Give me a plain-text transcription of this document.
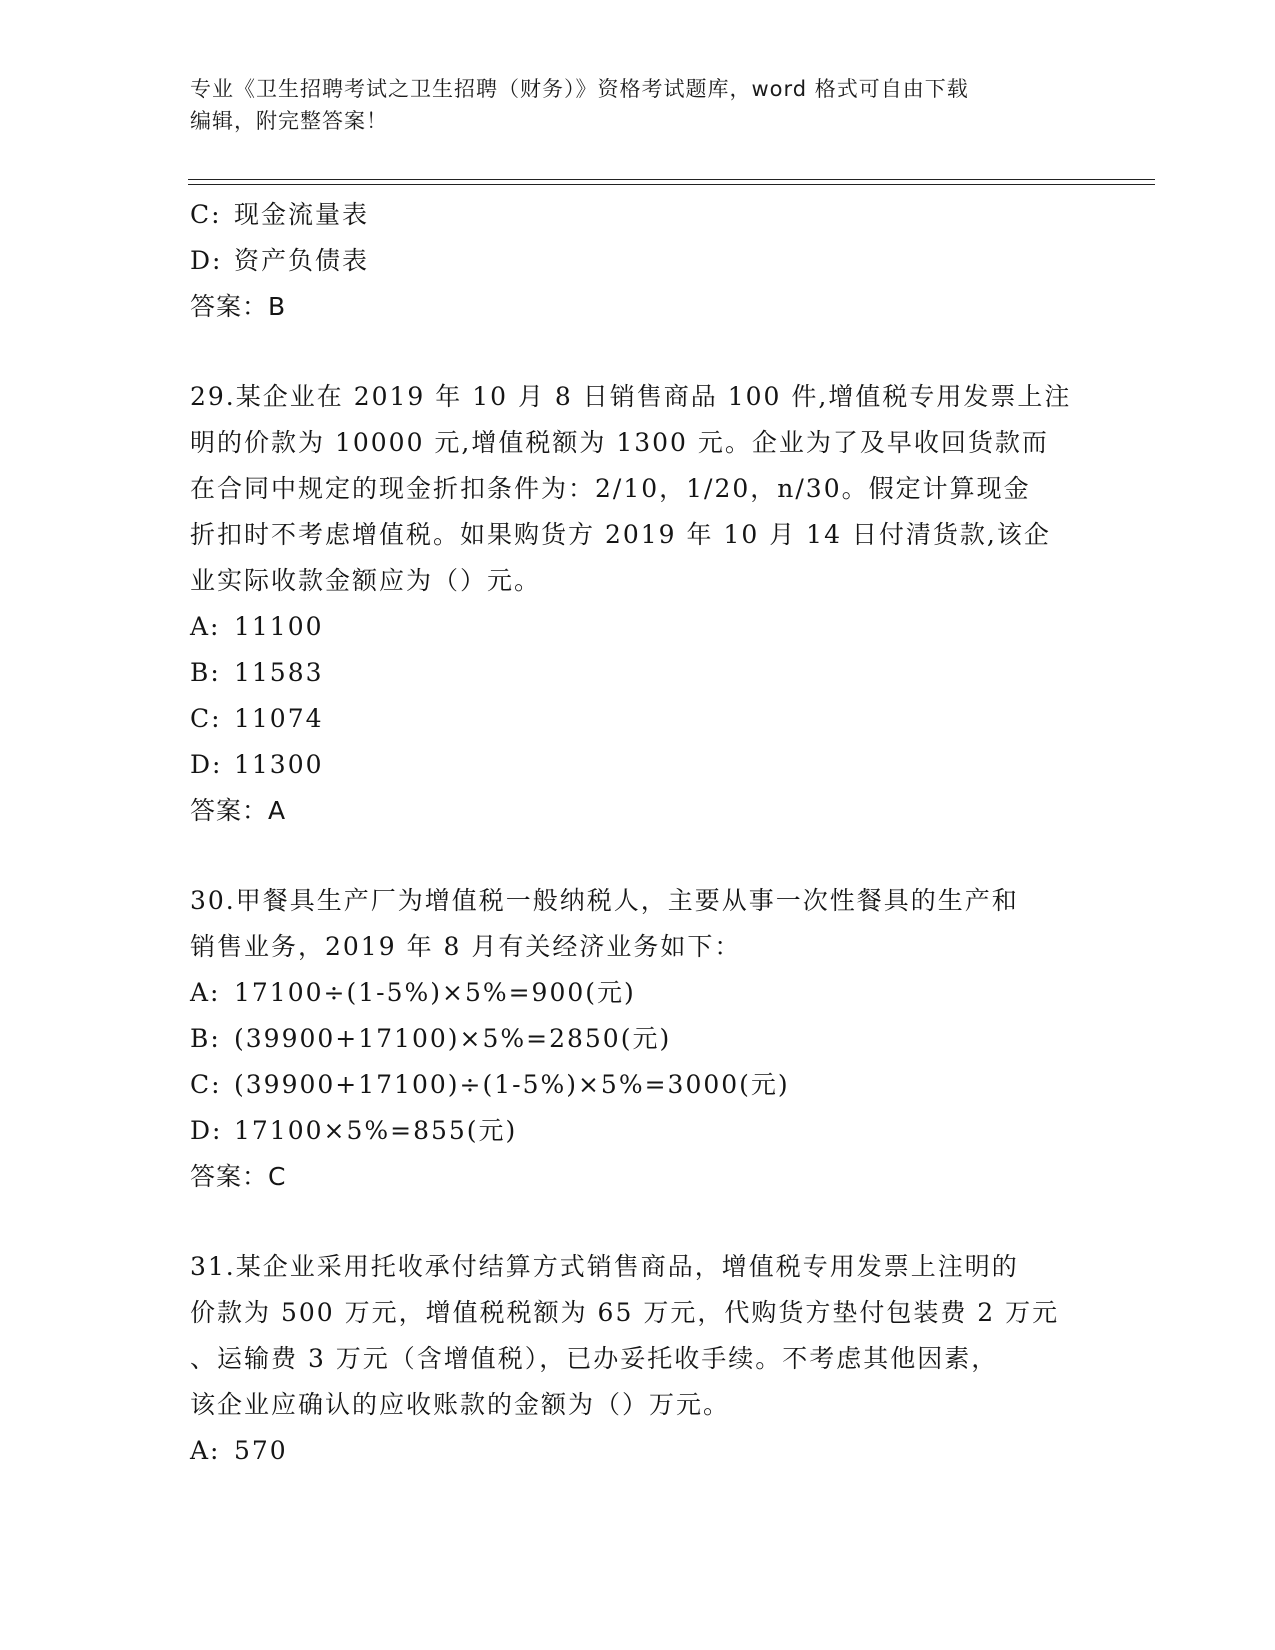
专业《卫生招聘考试之卫生招聘（财务）》资格考试题库，word 格式可自由下载
编辑，附完整答案！
C: 现金流量表
D: 资产负债表
答案：B
29.某企业在 2019 年 10 月 8 日销售商品 100 件,增值税专用发票上注
明的价款为 10000 元,增值税额为 1300 元。企业为了及早收回货款而
在合同中规定的现金折扣条件为：2/10，1/20，n/30。假定计算现金
折扣时不考虑增值税。如果购货方 2019 年 10 月 14 日付清货款,该企
业实际收款金额应为（）元。
A: 11100
B: 11583
C: 11074
D: 11300
答案：A
30.甲餐具生产厂为增值税一般纳税人，主要从事一次性餐具的生产和
销售业务，2019 年 8 月有关经济业务如下：
A: 17100÷(1-5%)×5%=900(元)
B: (39900+17100)×5%=2850(元)
C: (39900+17100)÷(1-5%)×5%=3000(元)
D: 17100×5%=855(元)
答案：C
31.某企业采用托收承付结算方式销售商品，增值税专用发票上注明的
价款为 500 万元，增值税税额为 65 万元，代购货方垫付包装费 2 万元
、运输费 3 万元（含增值税），已办妥托收手续。不考虑其他因素，
该企业应确认的应收账款的金额为（）万元。
A: 570
